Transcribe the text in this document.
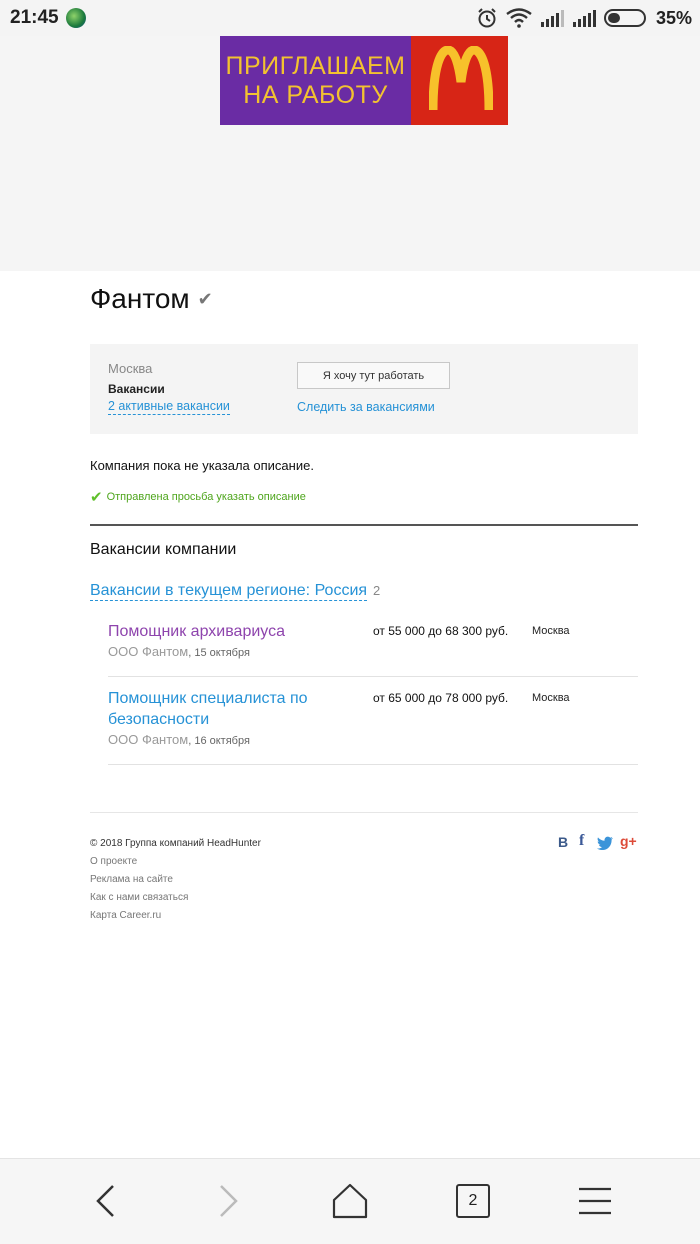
21:45	35%
ПРИГЛАШАЕМ
НА РАБОТУ
Фантом ✔
Москва
Вакансии
2 активные вакансии
Я хочу тут работать
Следить за вакансиями
Компания пока не указала описание.
✔ Отправлена просьба указать описание
Вакансии компании
Вакансии в текущем регионе: Россия 2
Помощник архивариуса
ООО Фантом, 15 октября
от 55 000 до 68 300 руб. Москва
Помощник специалиста по
безопасности
ООО Фантом, 16 октября
от 65 000 до 78 000 руб. Москва
© 2018 Группа компаний HeadHunter
О проекте
Реклама на сайте
Как с нами связаться
Карта Career.ru
B f	g+
2
